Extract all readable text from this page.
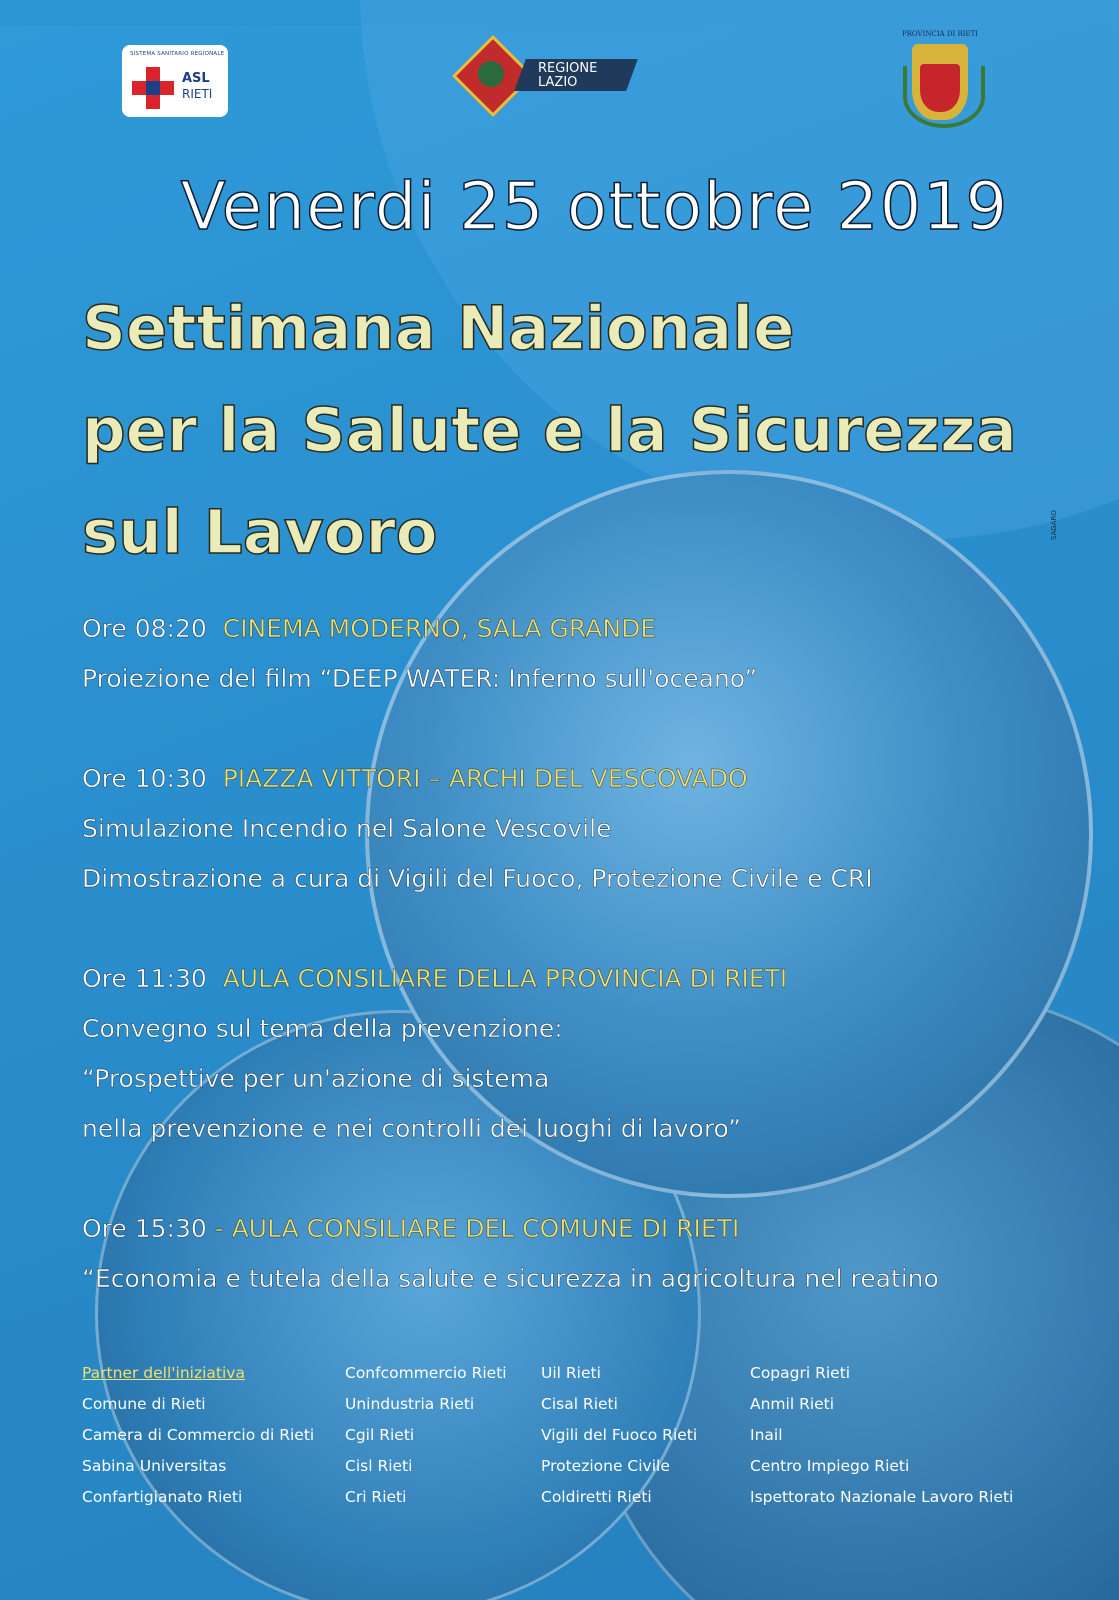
SISTEMA SANITARIO REGIONALE
ASL
RIETI
REGIONE
LAZIO
PROVINCIA DI RIETI
Venerdi 25 ottobre 2019
Settimana Nazionale
per la Salute e la Sicurezza
sul Lavoro
Ore 08:20 CINEMA MODERNO, SALA GRANDE
Proiezione del film “DEEP WATER: Inferno sull'oceano”
Ore 10:30 PIAZZA VITTORI – ARCHI DEL VESCOVADO
Simulazione Incendio nel Salone Vescovile
Dimostrazione a cura di Vigili del Fuoco, Protezione Civile e CRI
Ore 11:30 AULA CONSILIARE DELLA PROVINCIA DI RIETI
Convegno sul tema della prevenzione:
“Prospettive per un'azione di sistema
nella prevenzione e nei controlli dei luoghi di lavoro”
Ore 15:30 - AULA CONSILIARE DEL COMUNE DI RIETI
“Economia e tutela della salute e sicurezza in agricoltura nel reatino
Partner dell'iniziativa
Comune di Rieti
Camera di Commercio di Rieti
Sabina Universitas
Confartigianato Rieti
Confcommercio Rieti
Unindustria Rieti
Cgil Rieti
Cisl Rieti
Cri Rieti
Uil Rieti
Cisal Rieti
Vigili del Fuoco Rieti
Protezione Civile
Coldiretti Rieti
Copagri Rieti
Anmil Rieti
Inail
Centro Impiego Rieti
Ispettorato Nazionale Lavoro Rieti
SAGARO
